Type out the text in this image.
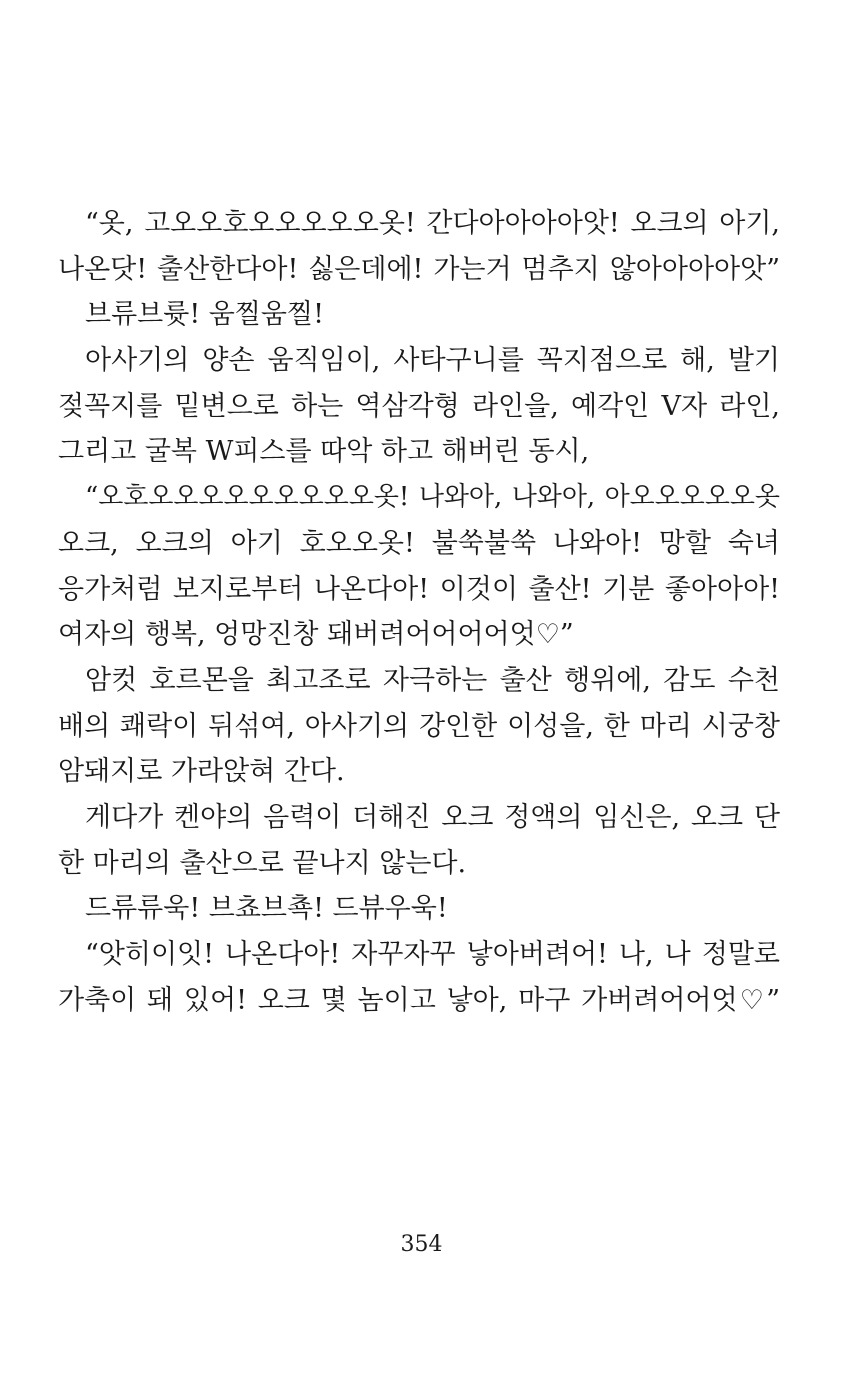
“옷, 고오오호오오오오오옷! 간다아아아아앗! 오크의 아기,
나온닷! 출산한다아! 싫은데에! 가는거 멈추지 않아아아아앗”
브류브륫! 움찔움찔!
아사기의 양손 움직임이, 사타구니를 꼭지점으로 해, 발기
젖꼭지를 밑변으로 하는 역삼각형 라인을, 예각인 V자 라인,
그리고 굴복 W피스를 따악 하고 해버린 동시,
“오호오오오오오오오오오옷! 나와아, 나와아, 아오오오오오옷
오크, 오크의 아기 호오오옷! 불쑥불쑥 나와아! 망할 숙녀
응가처럼 보지로부터 나온다아! 이것이 출산! 기분 좋아아아!
여자의 행복, 엉망진창 돼버려어어어어엇♡”
암컷 호르몬을 최고조로 자극하는 출산 행위에, 감도 수천
배의 쾌락이 뒤섞여, 아사기의 강인한 이성을, 한 마리 시궁창
암돼지로 가라앉혀 간다.
게다가 켄야의 음력이 더해진 오크 정액의 임신은, 오크 단
한 마리의 출산으로 끝나지 않는다.
드류류욱! 브쵸브쵹! 드뷰우욱!
“앗히이잇! 나온다아! 자꾸자꾸 낳아버려어! 나, 나 정말로
가축이 돼 있어! 오크 몇 놈이고 낳아, 마구 가버려어어엇♡”
354
